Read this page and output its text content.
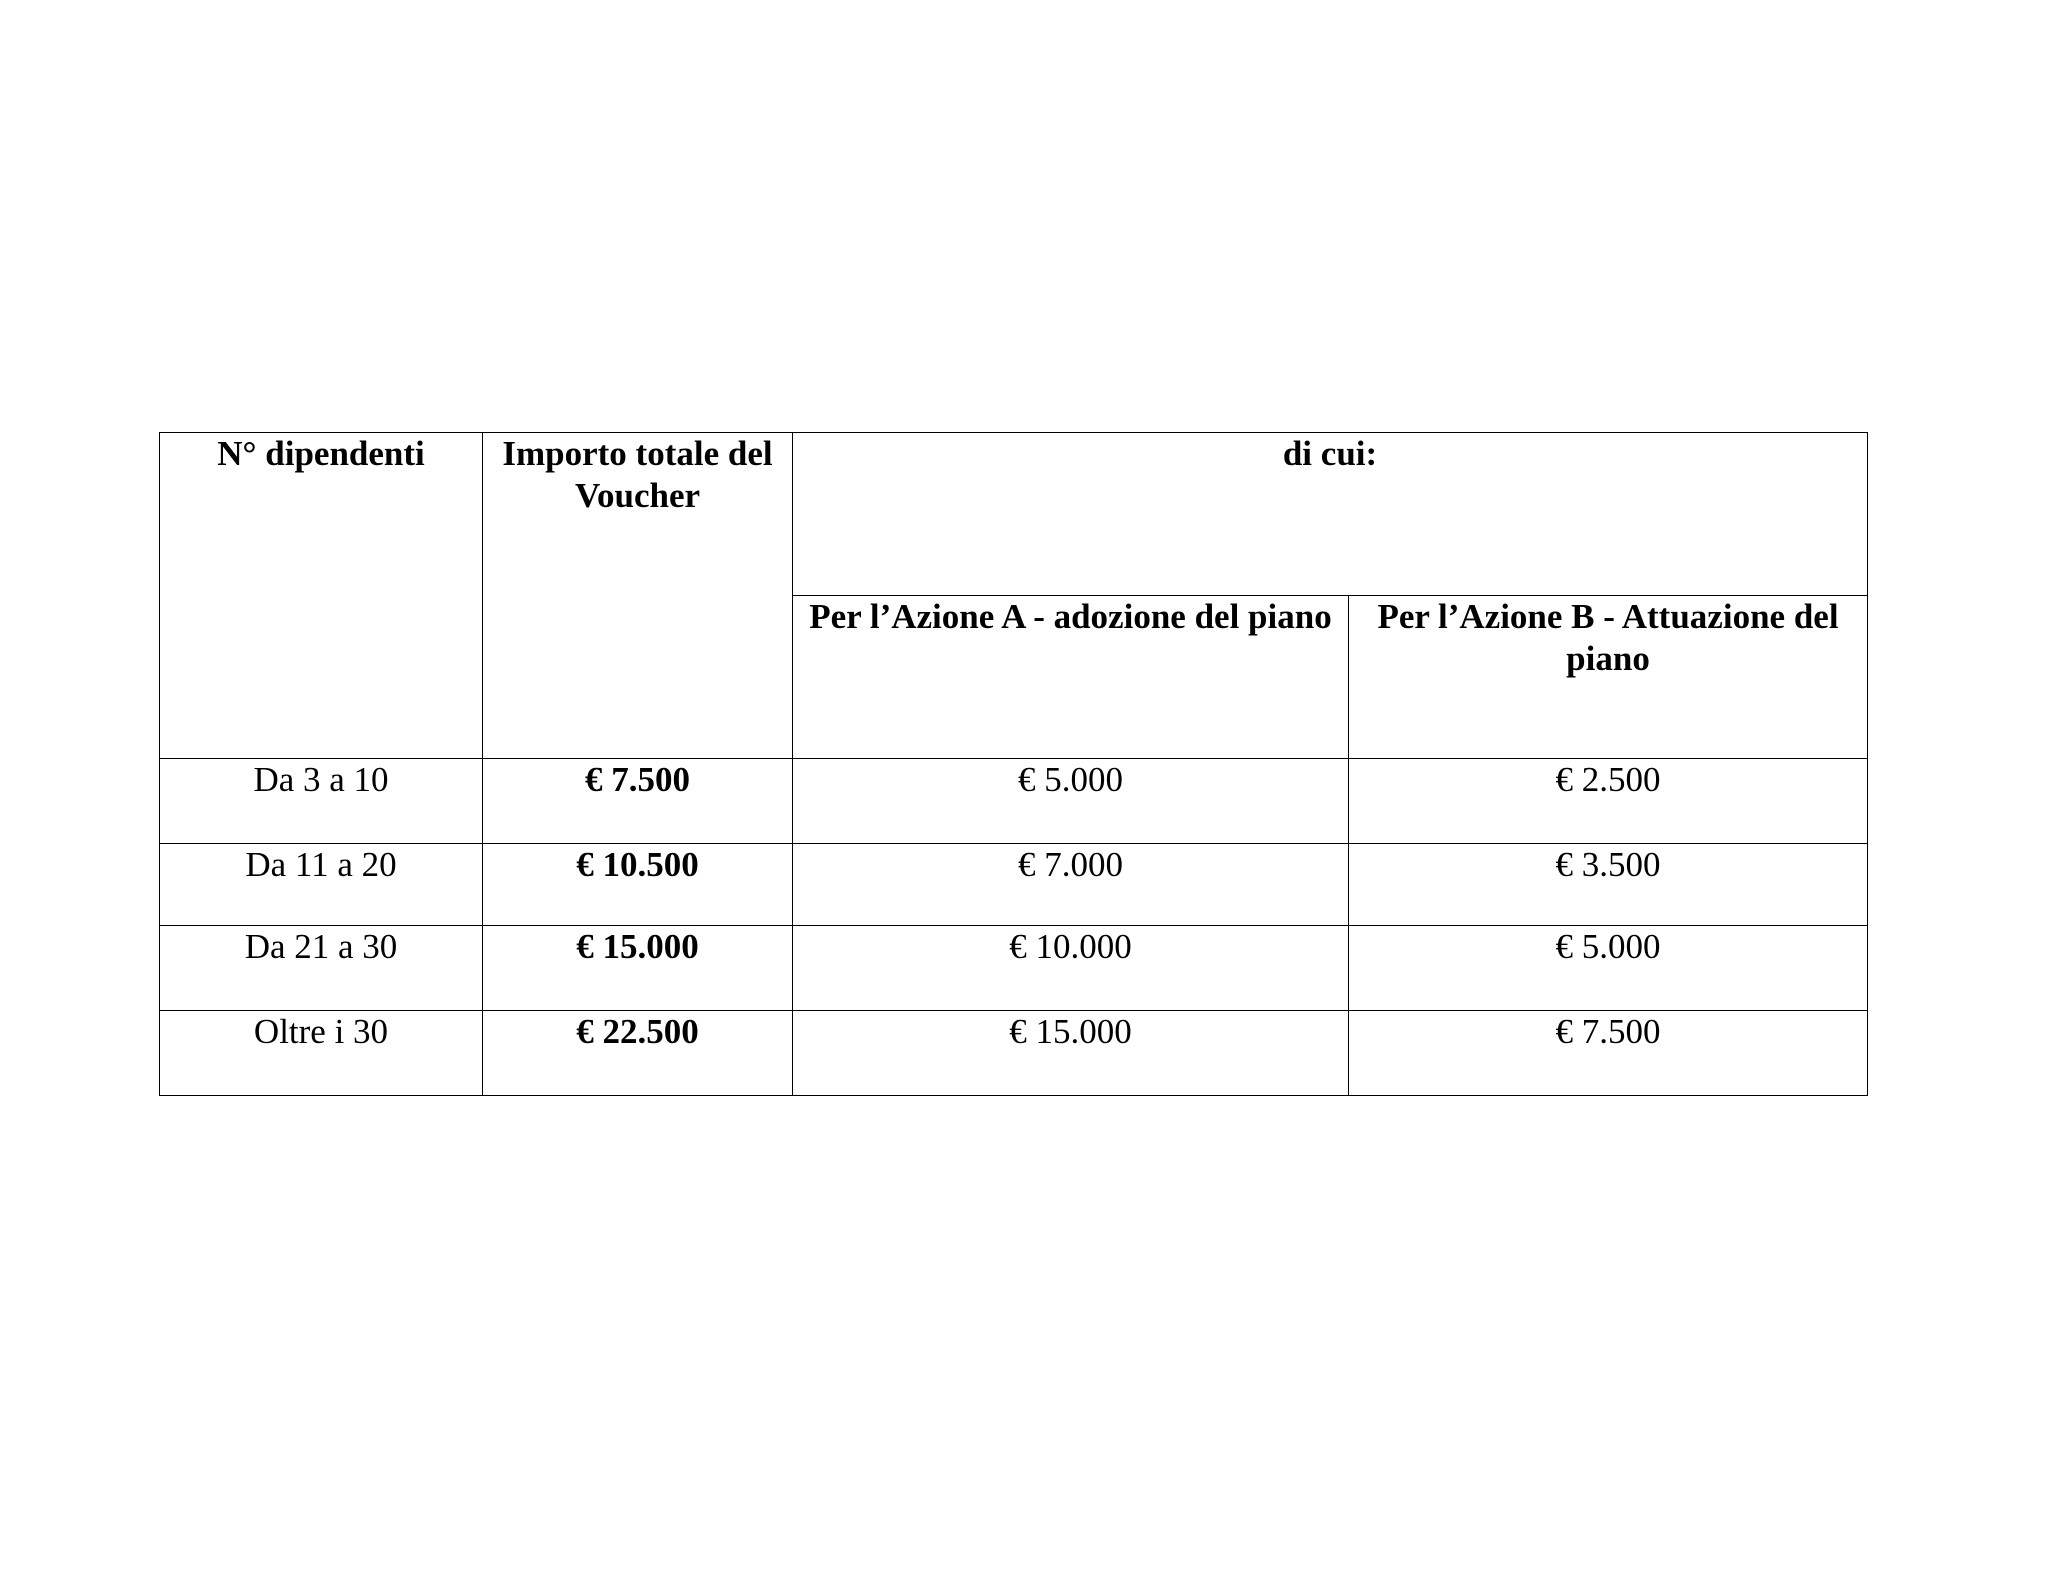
N° dipendenti	Importo totale del Voucher	di cui:	
		Per l’Azione A - adozione del piano	Per l’Azione B - Attuazione del piano
Da 3 a 10	€ 7.500	€ 5.000	€ 2.500
Da 11 a 20	€ 10.500	€ 7.000	€ 3.500
Da 21 a 30	€ 15.000	€ 10.000	€ 5.000
Oltre i 30	€ 22.500	€ 15.000	€ 7.500
